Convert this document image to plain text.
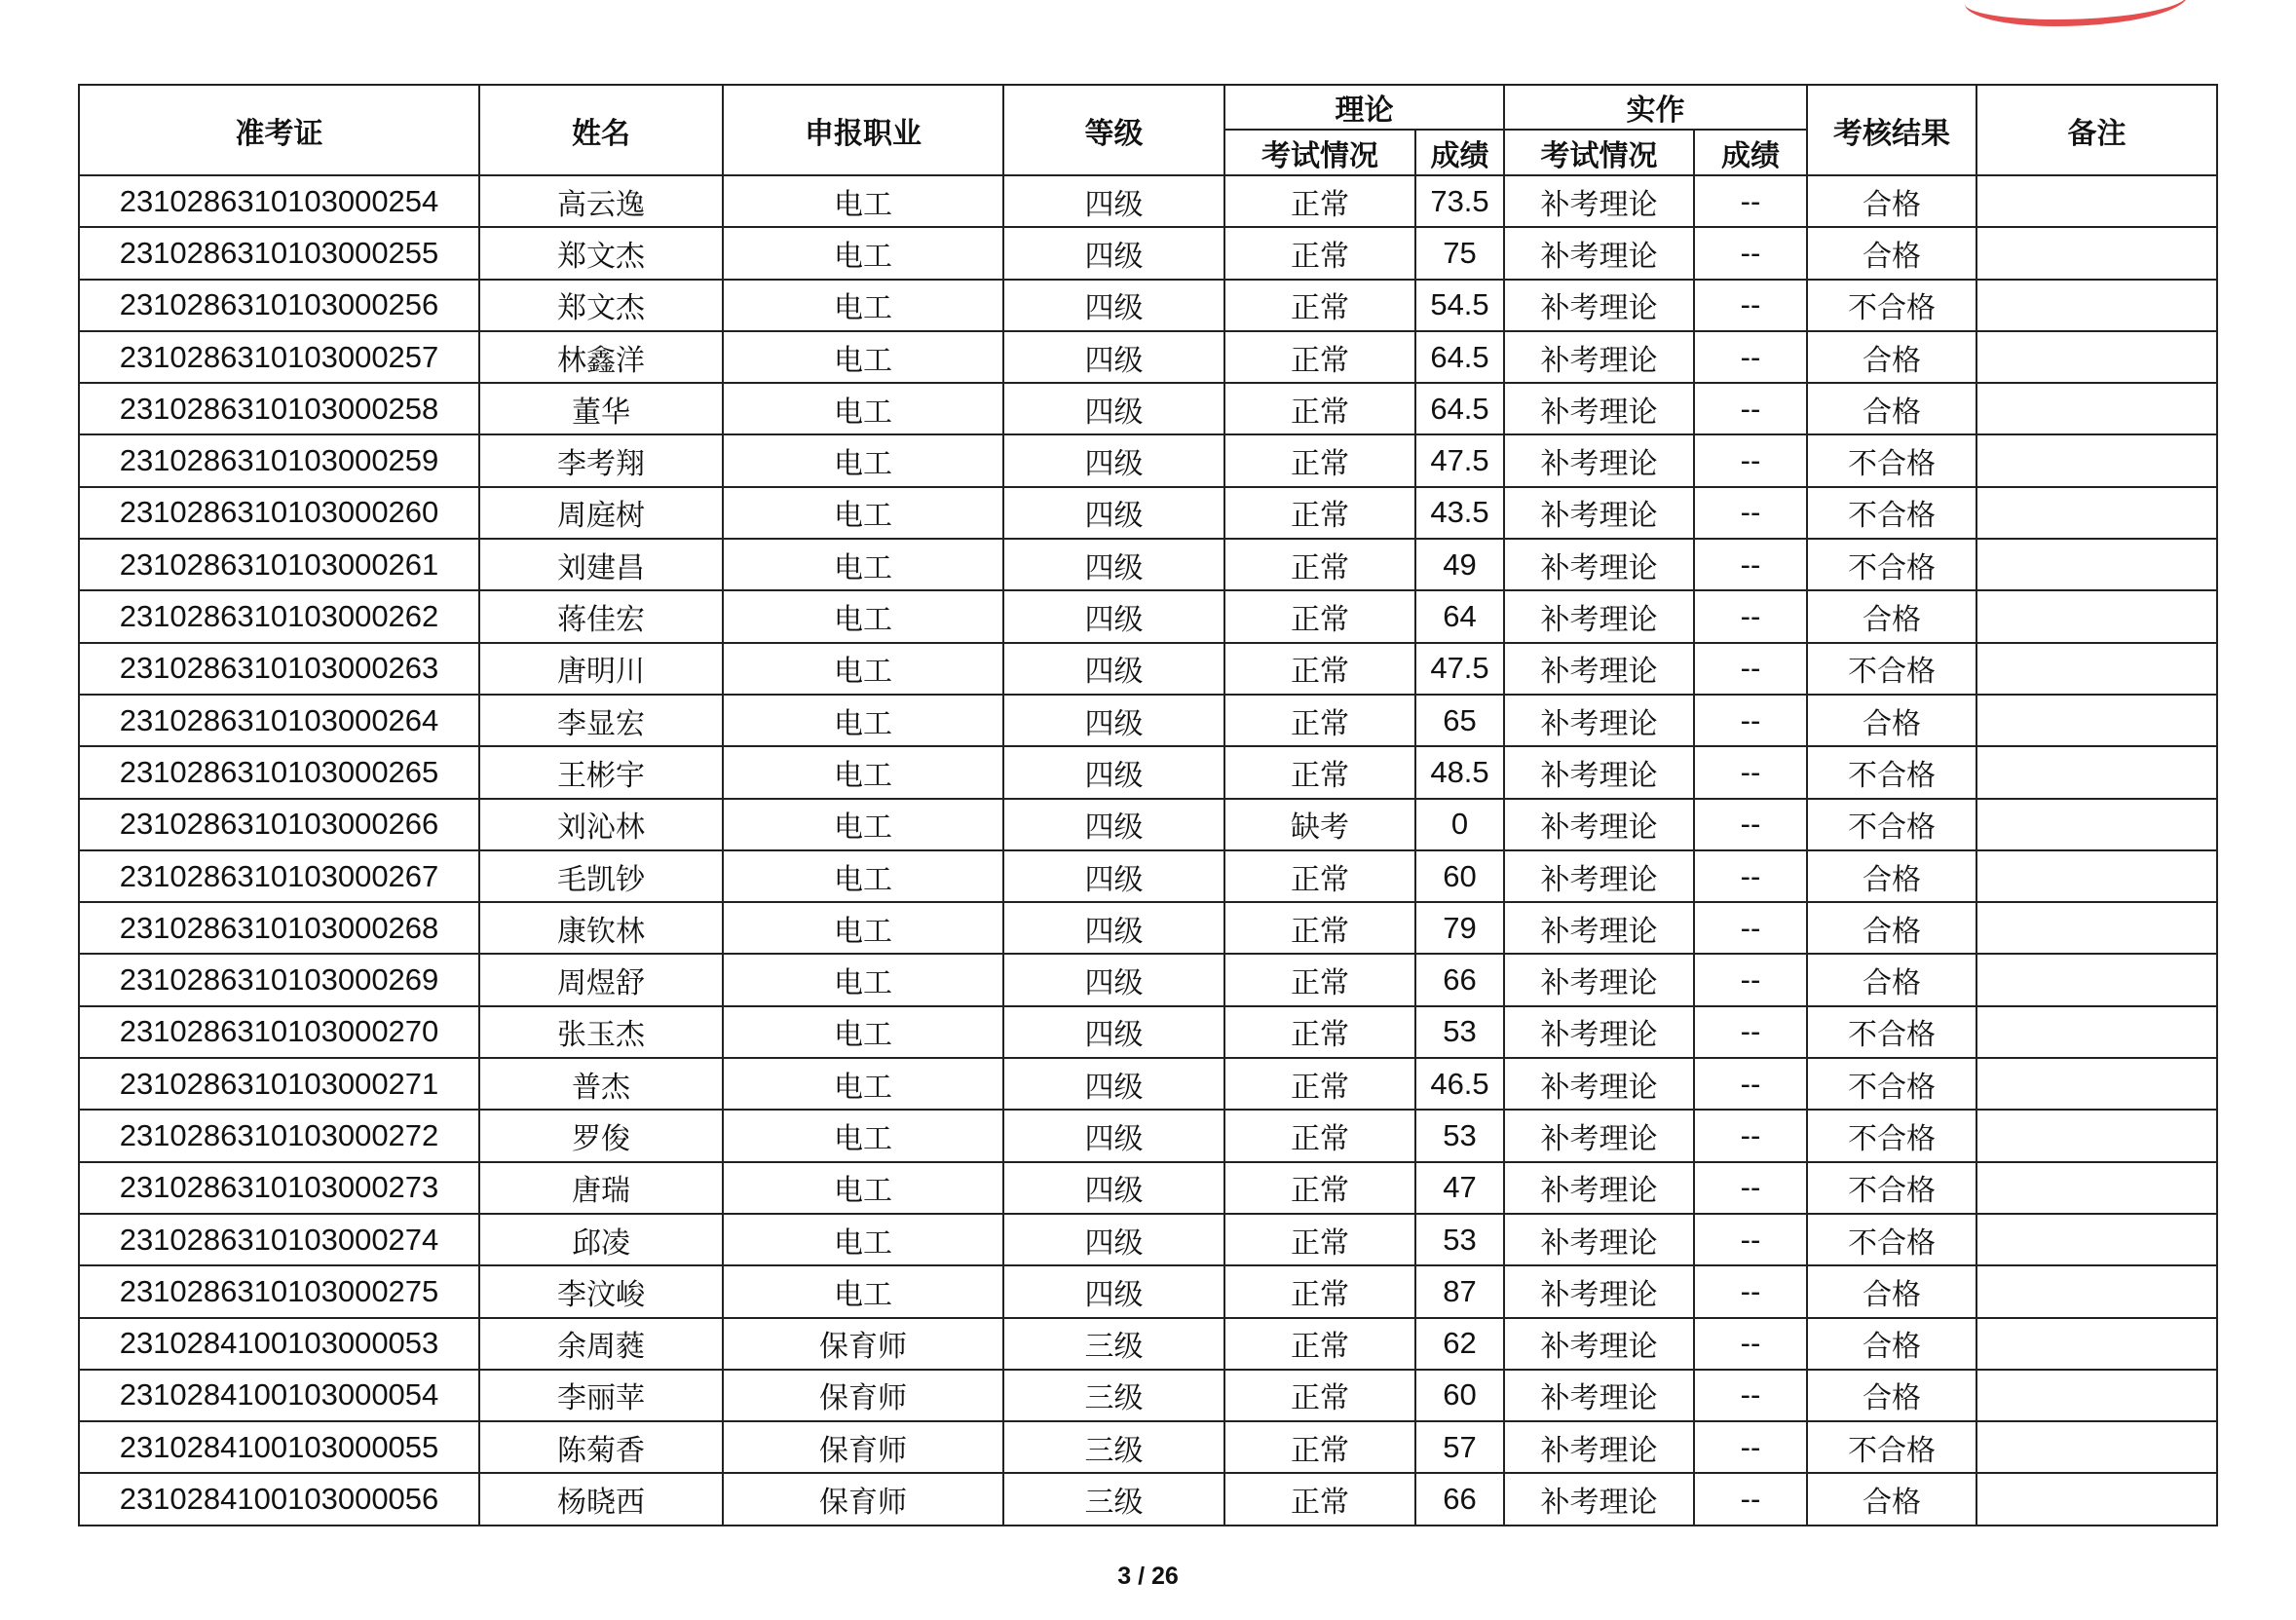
准考证	姓名	申报职业	等级	理论		实作		考核结果	备注
				考试情况	成绩	考试情况	成绩		
2310286310103000254	高云逸	电工	四级	正常	73.5	补考理论	--	合格	
2310286310103000255	郑文杰	电工	四级	正常	75	补考理论	--	合格	
2310286310103000256	郑文杰	电工	四级	正常	54.5	补考理论	--	不合格	
2310286310103000257	林鑫洋	电工	四级	正常	64.5	补考理论	--	合格	
2310286310103000258	董华	电工	四级	正常	64.5	补考理论	--	合格	
2310286310103000259	李考翔	电工	四级	正常	47.5	补考理论	--	不合格	
2310286310103000260	周庭树	电工	四级	正常	43.5	补考理论	--	不合格	
2310286310103000261	刘建昌	电工	四级	正常	49	补考理论	--	不合格	
2310286310103000262	蒋佳宏	电工	四级	正常	64	补考理论	--	合格	
2310286310103000263	唐明川	电工	四级	正常	47.5	补考理论	--	不合格	
2310286310103000264	李显宏	电工	四级	正常	65	补考理论	--	合格	
2310286310103000265	王彬宇	电工	四级	正常	48.5	补考理论	--	不合格	
2310286310103000266	刘沁林	电工	四级	缺考	0	补考理论	--	不合格	
2310286310103000267	毛凯钞	电工	四级	正常	60	补考理论	--	合格	
2310286310103000268	康钦林	电工	四级	正常	79	补考理论	--	合格	
2310286310103000269	周煜舒	电工	四级	正常	66	补考理论	--	合格	
2310286310103000270	张玉杰	电工	四级	正常	53	补考理论	--	不合格	
2310286310103000271	普杰	电工	四级	正常	46.5	补考理论	--	不合格	
2310286310103000272	罗俊	电工	四级	正常	53	补考理论	--	不合格	
2310286310103000273	唐瑞	电工	四级	正常	47	补考理论	--	不合格	
2310286310103000274	邱凌	电工	四级	正常	53	补考理论	--	不合格	
2310286310103000275	李汶峻	电工	四级	正常	87	补考理论	--	合格	
2310284100103000053	余周蕤	保育师	三级	正常	62	补考理论	--	合格	
2310284100103000054	李丽苹	保育师	三级	正常	60	补考理论	--	合格	
2310284100103000055	陈菊香	保育师	三级	正常	57	补考理论	--	不合格	
2310284100103000056	杨晓西	保育师	三级	正常	66	补考理论	--	合格	
3 / 26
